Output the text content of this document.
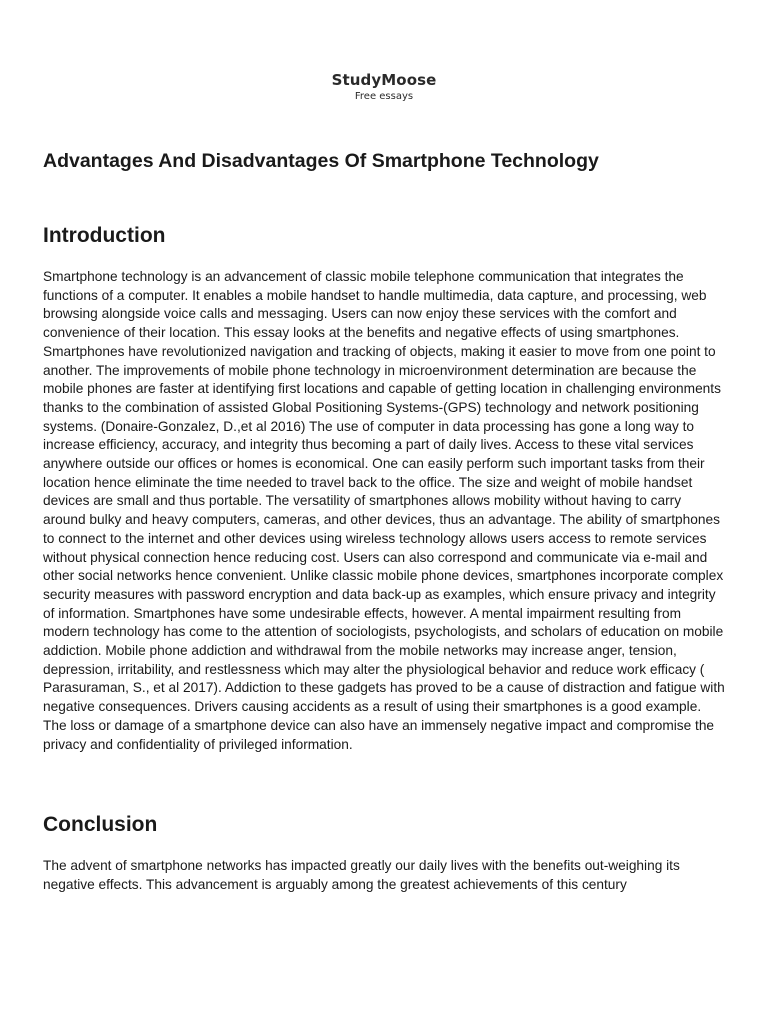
StudyMoose
Free essays
Advantages And Disadvantages Of Smartphone Technology
Introduction

Smartphone technology is an advancement of classic mobile telephone communication that integrates the functions of a computer. It enables a mobile handset to handle multimedia, data capture, and processing, web browsing alongside voice calls and messaging. Users can now enjoy these services with the comfort and convenience of their location. This essay looks at the benefits and negative effects of using smartphones. Smartphones have revolutionized navigation and tracking of objects, making it easier to move from one point to another. The improvements of mobile phone technology in microenvironment determination are because the mobile phones are faster at identifying first locations and capable of getting location in challenging environments thanks to the combination of assisted Global Positioning Systems-(GPS) technology and network positioning systems. (Donaire-Gonzalez, D.,et al 2016) The use of computer in data processing has gone a long way to increase efficiency, accuracy, and integrity thus becoming a part of daily lives. Access to these vital services anywhere outside our offices or homes is economical. One can easily perform such important tasks from their location hence eliminate the time needed to travel back to the office. The size and weight of mobile handset devices are small and thus portable. The versatility of smartphones allows mobility without having to carry around bulky and heavy computers, cameras, and other devices, thus an advantage. The ability of smartphones to connect to the internet and other devices using wireless technology allows users access to remote services without physical connection hence reducing cost. Users can also correspond and communicate via e-mail and other social networks hence convenient. Unlike classic mobile phone devices, smartphones incorporate complex security measures with password encryption and data back-up as examples, which ensure privacy and integrity of information. Smartphones have some undesirable effects, however. A mental impairment resulting from modern technology has come to the attention of sociologists, psychologists, and scholars of education on mobile addiction. Mobile phone addiction and withdrawal from the mobile networks may increase anger, tension, depression, irritability, and restlessness which may alter the physiological behavior and reduce work efficacy ( Parasuraman, S., et al 2017). Addiction to these gadgets has proved to be a cause of distraction and fatigue with negative consequences. Drivers causing accidents as a result of using their smartphones is a good example. The loss or damage of a smartphone device can also have an immensely negative impact and compromise the privacy and confidentiality of privileged information.

Conclusion

The advent of smartphone networks has impacted greatly our daily lives with the benefits out-weighing its negative effects. This advancement is arguably among the greatest achievements of this century
